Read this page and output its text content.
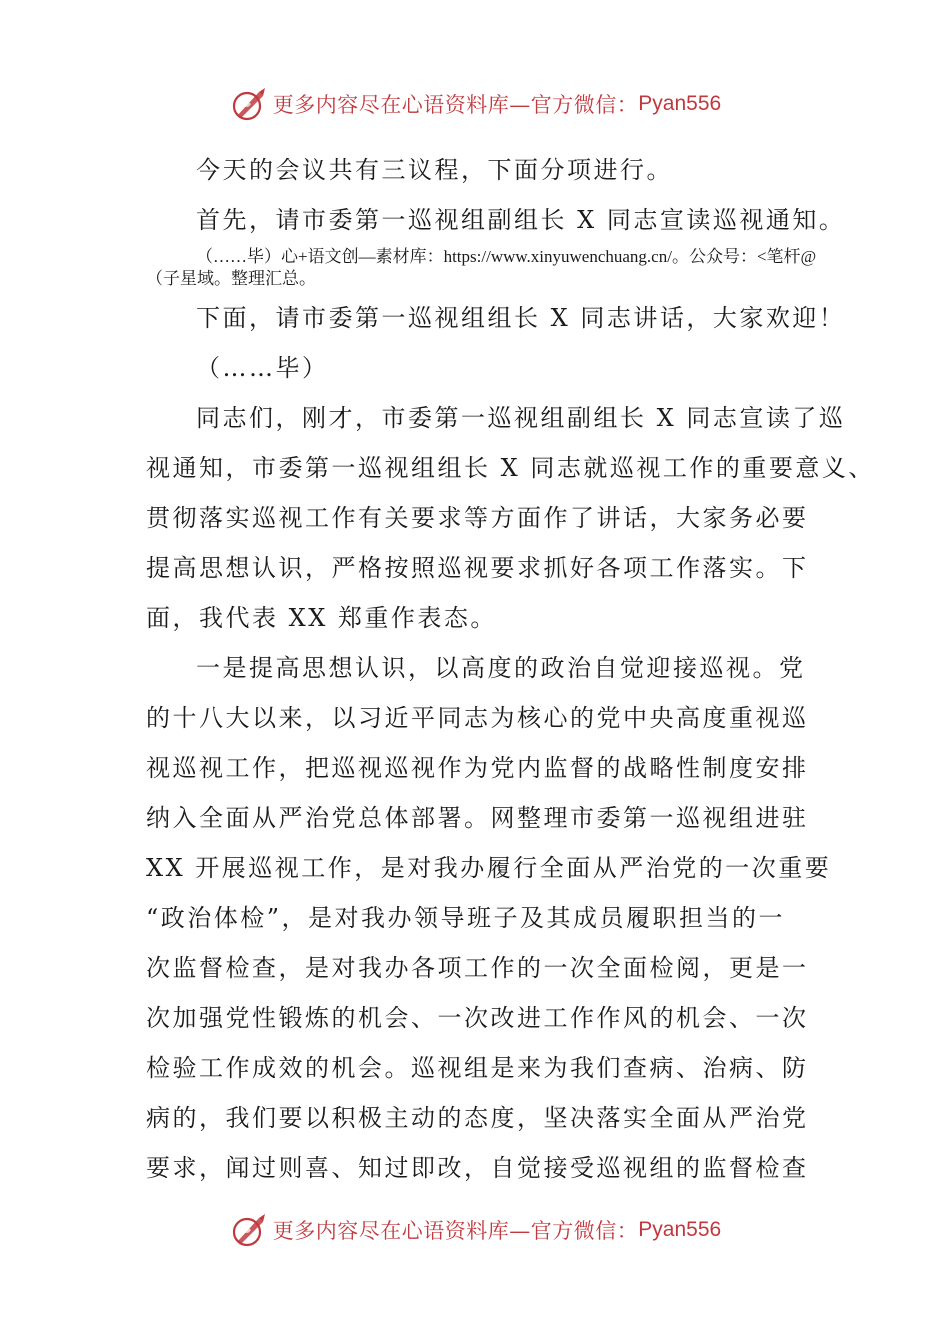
更多内容尽在心语资料库—官方微信： Pyan556
今天的会议共有三议程，下面分项进行。
首先，请市委第一巡视组副组长 X 同志宣读巡视通知。
（……毕）心+语文创—素材库：https://www.xinyuwenchuang.cn/。公众号：<笔杆@（子星域。整理汇总。
下面，请市委第一巡视组组长 X 同志讲话，大家欢迎！
（……毕）
同志们，刚才，市委第一巡视组副组长 X 同志宣读了巡
视通知，市委第一巡视组组长 X 同志就巡视工作的重要意义、
贯彻落实巡视工作有关要求等方面作了讲话，大家务必要
提高思想认识，严格按照巡视要求抓好各项工作落实。下
面，我代表 XX 郑重作表态。
一是提高思想认识，以高度的政治自觉迎接巡视。党
的十八大以来，以习近平同志为核心的党中央高度重视巡
视巡视工作，把巡视巡视作为党内监督的战略性制度安排
纳入全面从严治党总体部署。网整理市委第一巡视组进驻
XX 开展巡视工作，是对我办履行全面从严治党的一次重要
“政治体检”，是对我办领导班子及其成员履职担当的一
次监督检查，是对我办各项工作的一次全面检阅，更是一
次加强党性锻炼的机会、一次改进工作作风的机会、一次
检验工作成效的机会。巡视组是来为我们查病、治病、防
病的，我们要以积极主动的态度，坚决落实全面从严治党
要求，闻过则喜、知过即改，自觉接受巡视组的监督检查
更多内容尽在心语资料库—官方微信： Pyan556
